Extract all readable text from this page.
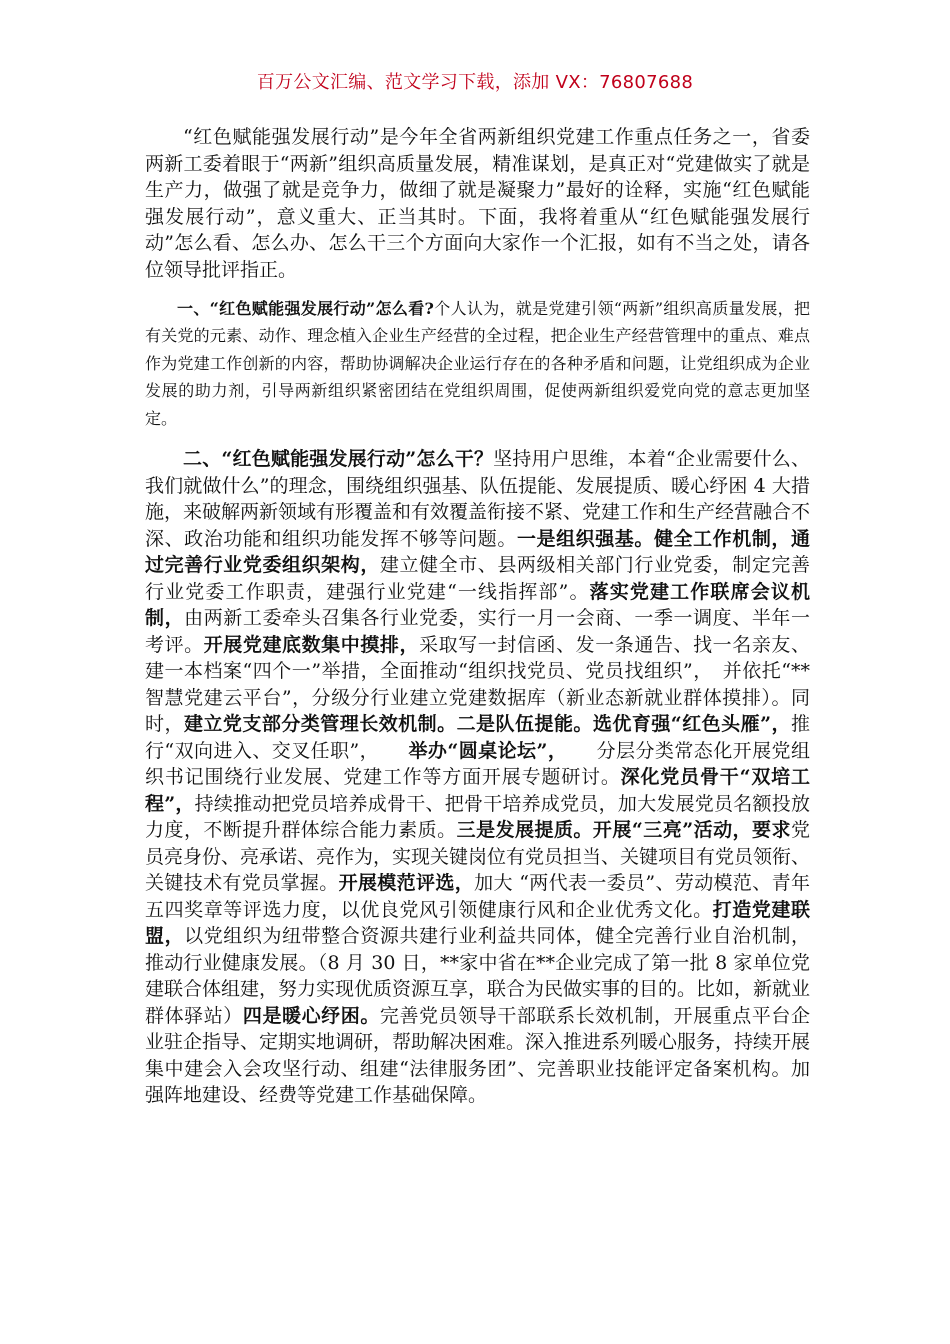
百万公文汇编、范文学习下载，添加 VX：76807688

“红色赋能强发展行动”是今年全省两新组织党建工作重点任务之一，省委两新工委着眼于“两新”组织高质量发展，精准谋划，是真正对“党建做实了就是生产力，做强了就是竞争力，做细了就是凝聚力”最好的诠释，实施“红色赋能强发展行动”，意义重大、正当其时。下面，我将着重从“红色赋能强发展行动”怎么看、怎么办、怎么干三个方面向大家作一个汇报，如有不当之处，请各位领导批评指正。

一、“红色赋能强发展行动”怎么看?个人认为，就是党建引领“两新”组织高质量发展，把有关党的元素、动作、理念植入企业生产经营的全过程，把企业生产经营管理中的重点、难点作为党建工作创新的内容，帮助协调解决企业运行存在的各种矛盾和问题，让党组织成为企业发展的助力剂，引导两新组织紧密团结在党组织周围，促使两新组织爱党向党的意志更加坚定。

二、“红色赋能强发展行动”怎么干？坚持用户思维，本着“企业需要什么、我们就做什么”的理念，围绕组织强基、队伍提能、发展提质、暖心纾困 4 大措施，来破解两新领域有形覆盖和有效覆盖衔接不紧、党建工作和生产经营融合不深、政治功能和组织功能发挥不够等问题。一是组织强基。健全工作机制，通过完善行业党委组织架构，建立健全市、县两级相关部门行业党委，制定完善行业党委工作职责，建强行业党建“一线指挥部”。落实党建工作联席会议机制，由两新工委牵头召集各行业党委，实行一月一会商、一季一调度、半年一考评。开展党建底数集中摸排，采取写一封信函、发一条通告、找一名亲友、建一本档案“四个一”举措，全面推动“组织找党员、党员找组织”，　并依托“**智慧党建云平台”，分级分行业建立党建数据库（新业态新就业群体摸排）。同时，建立党支部分类管理长效机制。二是队伍提能。选优育强“红色头雁”，推行“双向进入、交叉任职”，　　举办“圆桌论坛”，　　分层分类常态化开展党组织书记围绕行业发展、党建工作等方面开展专题研讨。深化党员骨干“双培工程”，持续推动把党员培养成骨干、把骨干培养成党员，加大发展党员名额投放力度，不断提升群体综合能力素质。三是发展提质。开展“三亮”活动，要求党员亮身份、亮承诺、亮作为，实现关键岗位有党员担当、关键项目有党员领衔、关键技术有党员掌握。开展模范评选，加大 “两代表一委员”、劳动模范、青年五四奖章等评选力度，以优良党风引领健康行风和企业优秀文化。打造党建联盟，以党组织为纽带整合资源共建行业利益共同体，健全完善行业自治机制，推动行业健康发展。（8 月 30 日，**家中省在**企业完成了第一批 8 家单位党建联合体组建，努力实现优质资源互享，联合为民做实事的目的。比如，新就业群体驿站）四是暖心纾困。完善党员领导干部联系长效机制，开展重点平台企业驻企指导、定期实地调研，帮助解决困难。深入推进系列暖心服务，持续开展集中建会入会攻坚行动、组建“法律服务团”、完善职业技能评定备案机构。加强阵地建设、经费等党建工作基础保障。
